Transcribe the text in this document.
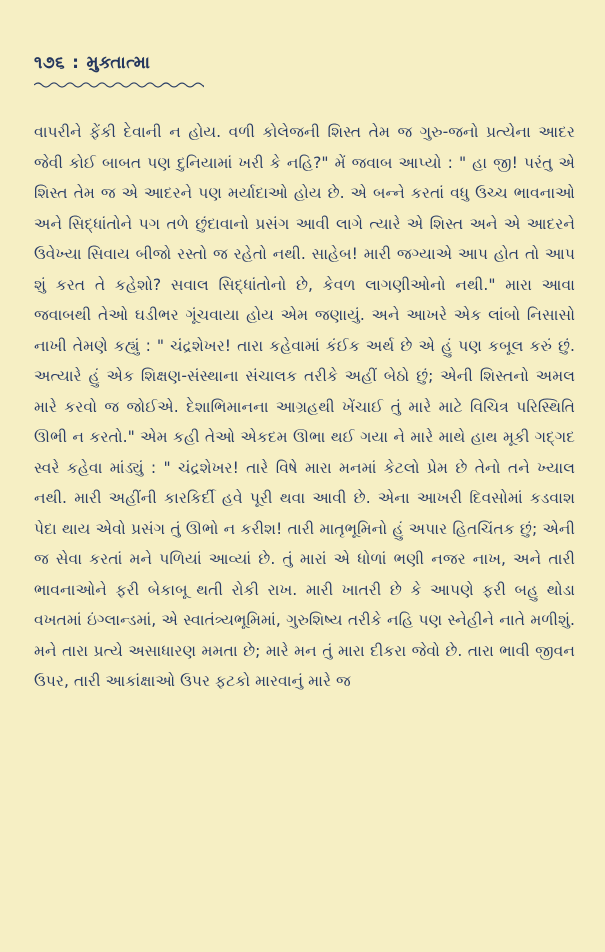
૧૭૬ : મુક્તાત્મા

વાપરીને ફેંકી દેવાની ન હોય. વળી કોલેજની શિસ્ત તેમ જ ગુરુ-જનો પ્રત્યેના આદર જેવી કોઈ બાબત પણ દુનિયામાં ખરી કે નહિ?" મેં જવાબ આપ્યો : " હા જી! પરંતુ એ શિસ્ત તેમ જ એ આદરને પણ મર્યાદાઓ હોય છે. એ બન્ને કરતાં વધુ ઉચ્ચ ભાવનાઓ અને સિદ્ધાંતોને પગ તળે છુંદાવાનો પ્રસંગ આવી લાગે ત્યારે એ શિસ્ત અને એ આદરને ઉવેખ્યા સિવાય બીજો રસ્તો જ રહેતો નથી. સાહેબ! મારી જગ્યાએ આપ હોત તો આપ શું કરત તે કહેશો? સવાલ સિદ્ધાંતોનો છે, કેવળ લાગણીઓનો નથી." મારા આવા જવાબથી તેઓ ઘડીભર ગૂંચવાયા હોય એમ જણાયું. અને આખરે એક લાંબો નિસાસો નાખી તેમણે કહ્યું : " ચંદ્રશેખર! તારા કહેવામાં કંઈક અર્થ છે એ હું પણ કબૂલ કરું છું. અત્યારે હું એક શિક્ષણ-સંસ્થાના સંચાલક તરીકે અહીં બેઠો છું; એની શિસ્તનો અમલ મારે કરવો જ જોઈએ. દેશાભિમાનના આગ્રહથી ખેંચાઈ તું મારે માટે વિચિત્ર પરિસ્થિતિ ઊભી ન કરતો." એમ કહી તેઓ એકદમ ઊભા થઈ ગયા ને મારે માથે હાથ મૂકી ગદ્ગદ સ્વરે કહેવા માંડ્યું : " ચંદ્રશેખર! તારે વિષે મારા મનમાં કેટલો પ્રેમ છે તેનો તને ખ્યાલ નથી. મારી અહીંની કારકિર્દી હવે પૂરી થવા આવી છે. એના આખરી દિવસોમાં કડવાશ પેદા થાય એવો પ્રસંગ તું ઊભો ન કરીશ! તારી માતૃભૂમિનો હું અપાર હિતચિંતક છું; એની જ સેવા કરતાં મને પળિયાં આવ્યાં છે. તું મારાં એ ધોળાં ભણી નજર નાખ, અને તારી ભાવનાઓને ફરી બેકાબૂ થતી રોકી રાખ. મારી ખાતરી છે કે આપણે ફરી બહુ થોડા વખતમાં ઇંગ્લાન્ડમાં, એ સ્વાતંત્ર્યભૂમિમાં, ગુરુશિષ્ય તરીકે નહિ પણ સ્નેહીને નાતે મળીશું. મને તારા પ્રત્યે અસાધારણ મમતા છે; મારે મન તું મારા દીકરા જેવો છે. તારા ભાવી જીવન ઉપર, તારી આકાંક્ષાઓ ઉપર ફટકો મારવાનું મારે જ
